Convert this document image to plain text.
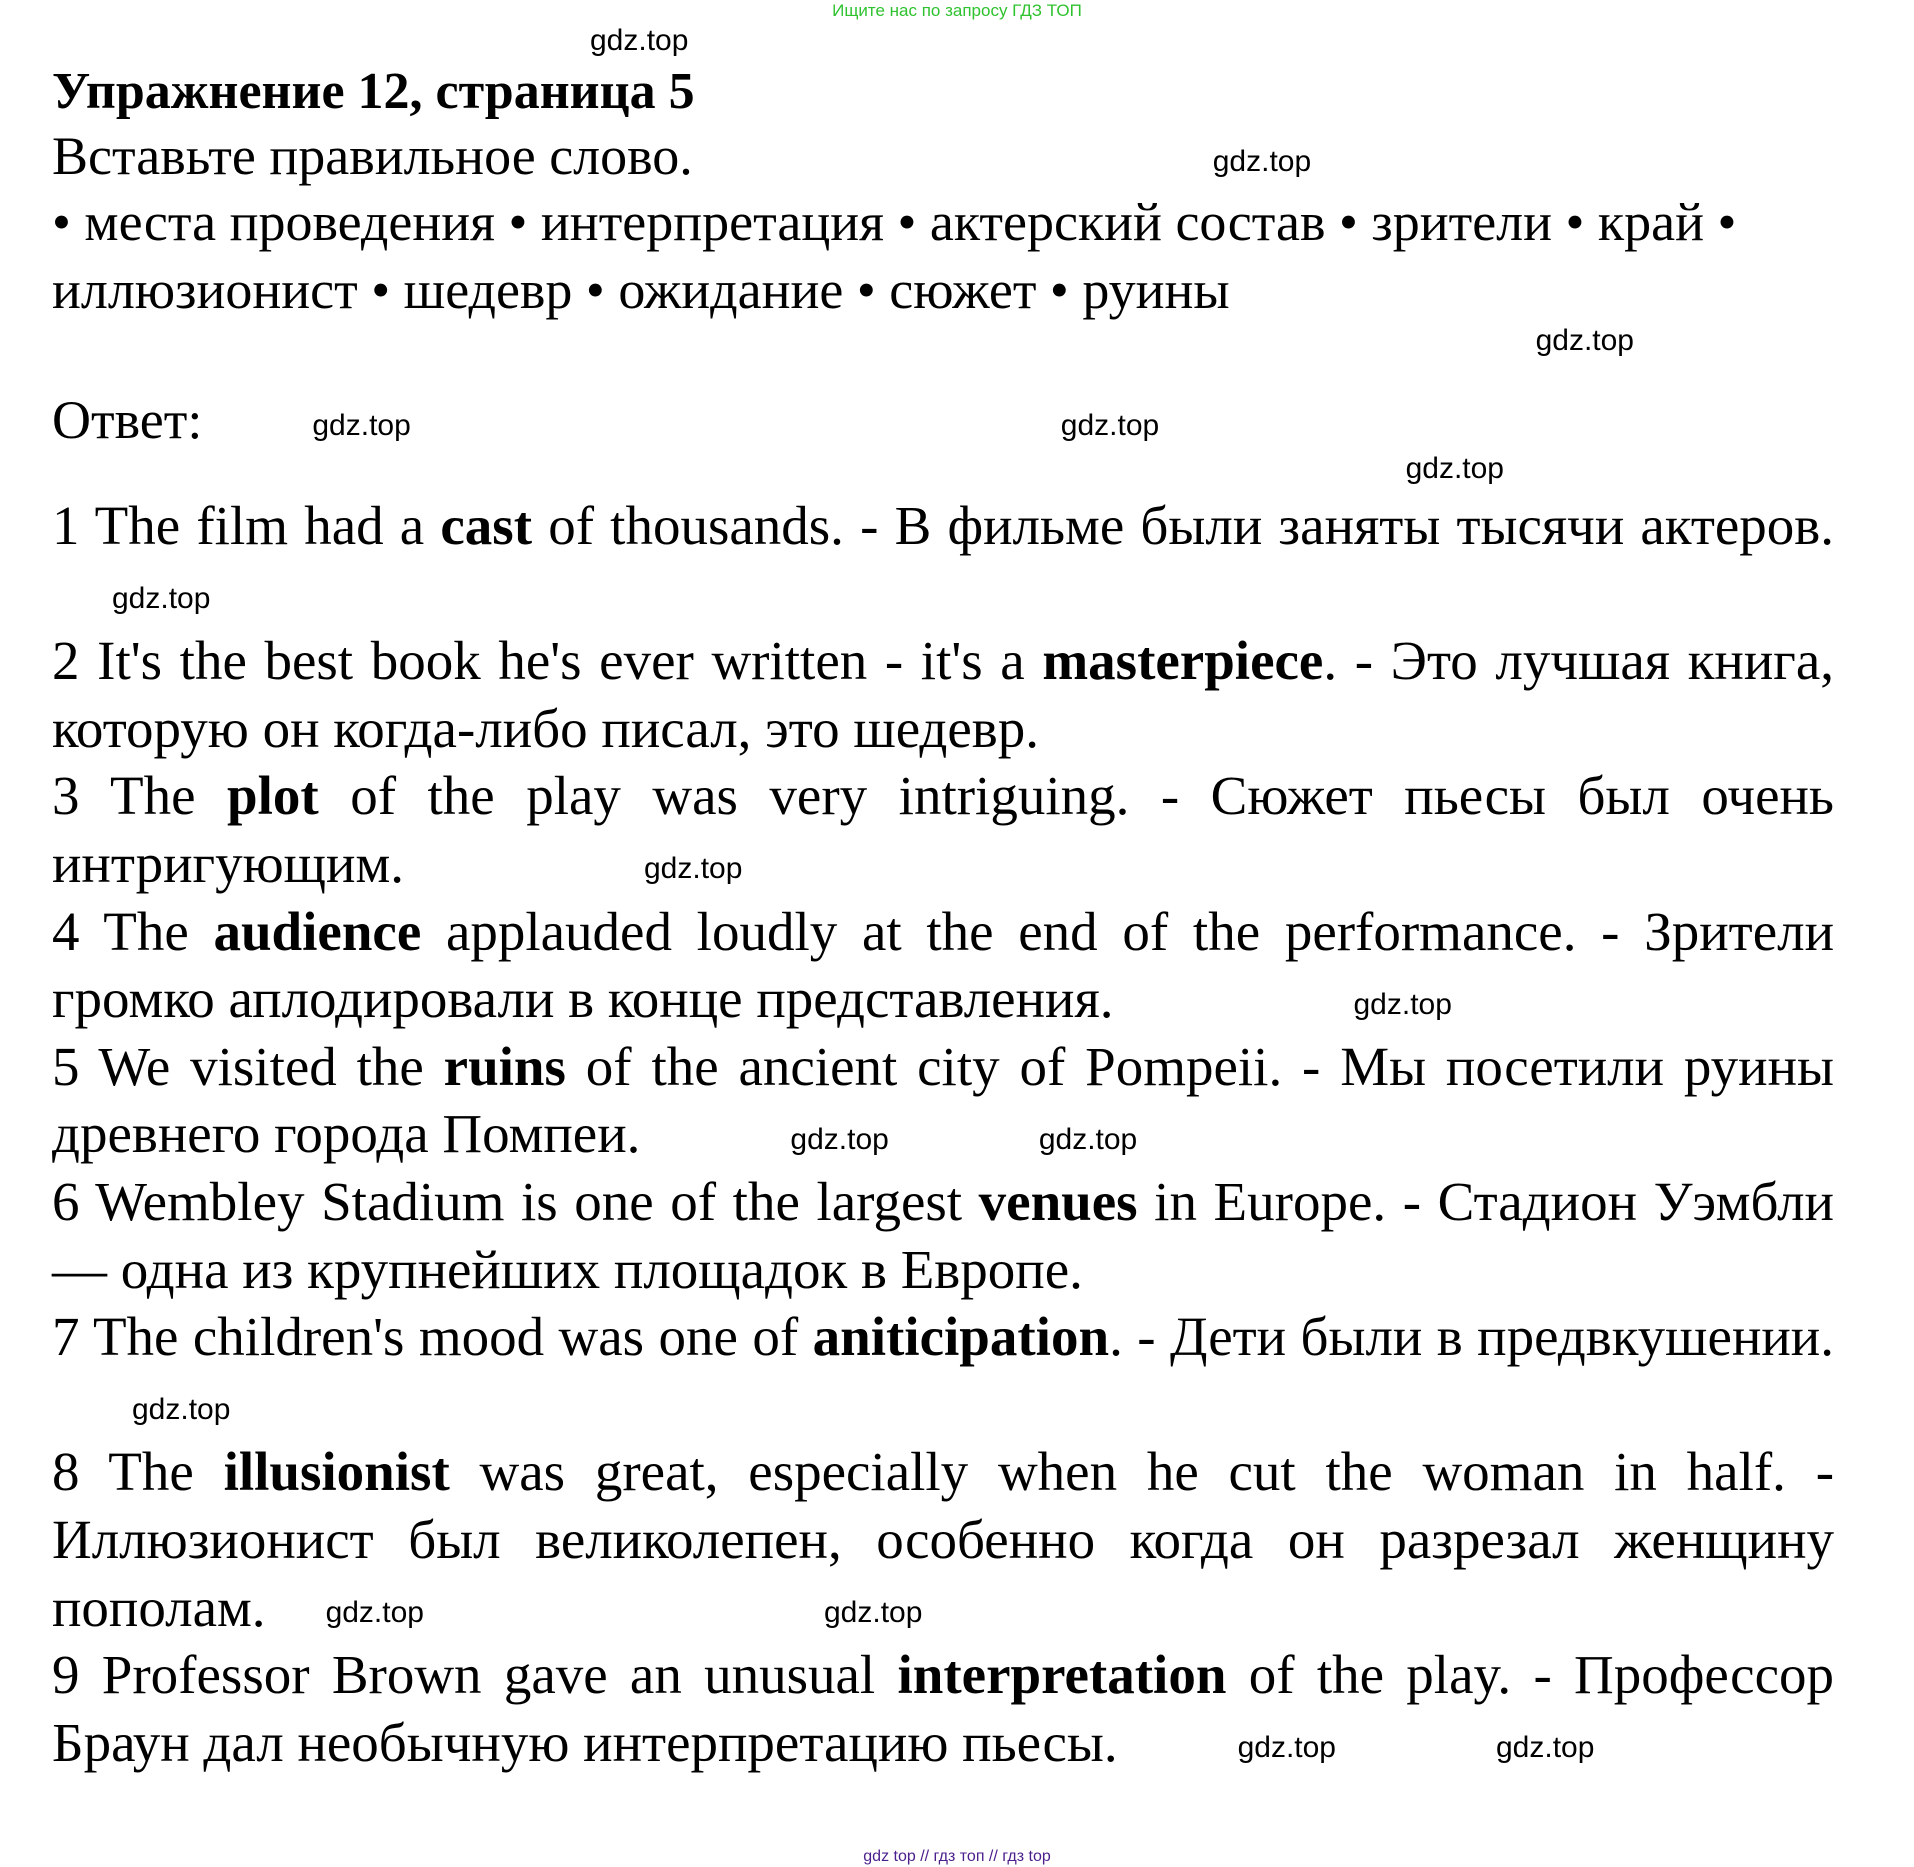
Ищите нас по запросу ГДЗ ТОП
gdz.top
Упражнение 12, страница 5
Вставьте правильное слово.	gdz.top
• места проведения • интерпретация • актерский состав • зрители • край • иллюзионист • шедевр • ожидание • сюжет • руины
gdz.top
Ответ:	gdz.top	gdz.top
gdz.top
1 The film had a cast of thousands. - В фильме были заняты тысячи актеров.gdz.top
2 It's the best book he's ever written - it's a masterpiece. - Это лучшая книга, которую он когда-либо писал, это шедевр.
3 The plot of the play was very intriguing. - Сюжет пьесы был очень интригующим.	gdz.top
4 The audience applauded loudly at the end of the performance. - Зрители громко аплодировали в конце представления.	gdz.top
5 We visited the ruins of the ancient city of Pompeii. - Мы посетили руины древнего города Помпеи.	gdz.top	gdz.top
6 Wembley Stadium is one of the largest venues in Europe. - Стадион Уэмбли — одна из крупнейших площадок в Европе.
7 The children's mood was one of aniticipation. - Дети были в предвкушении.gdz.top
8 The illusionist was great, especially when he cut the woman in half. - Иллюзионист был великолепен, особенно когда он разрезал женщину пополам. gdz.top	gdz.top
9 Professor Brown gave an unusual interpretation of the play. - Профессор Браун дал необычную интерпретацию пьесы.	gdz.top	gdz.top
gdz top // гдз топ // гдз top
